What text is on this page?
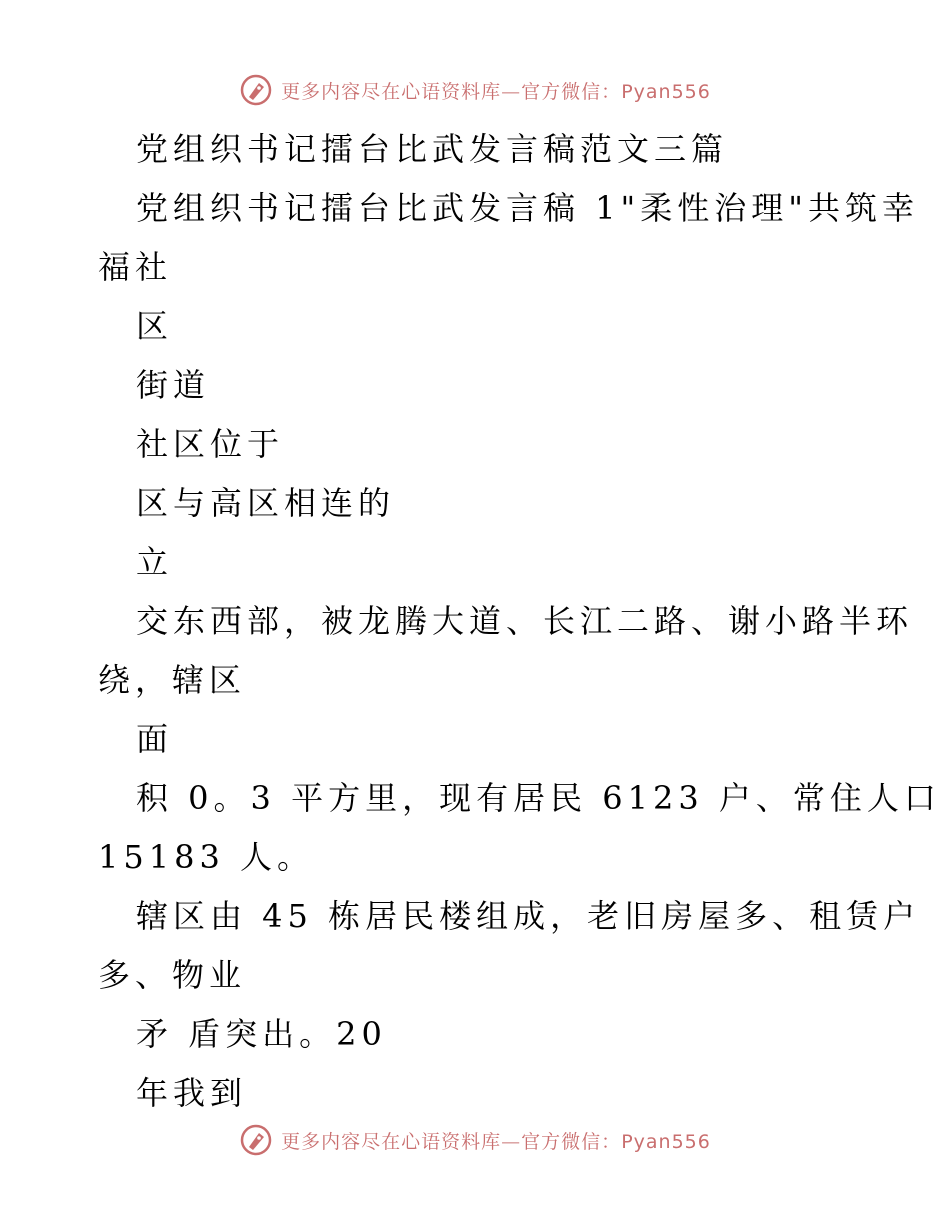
更多内容尽在心语资料库—官方微信：Pyan556
党组织书记擂台比武发言稿范文三篇
党组织书记擂台比武发言稿 1"柔性治理"共筑幸
福社
区
街道
社区位于
区与高区相连的
立
交东西部，被龙腾大道、长江二路、谢小路半环
绕，辖区
面
积 0。3 平方里，现有居民 6123 户、常住人口
15183 人。
辖区由 45 栋居民楼组成，老旧房屋多、租赁户
多、物业
矛 盾突出。20
年我到
更多内容尽在心语资料库—官方微信：Pyan556
